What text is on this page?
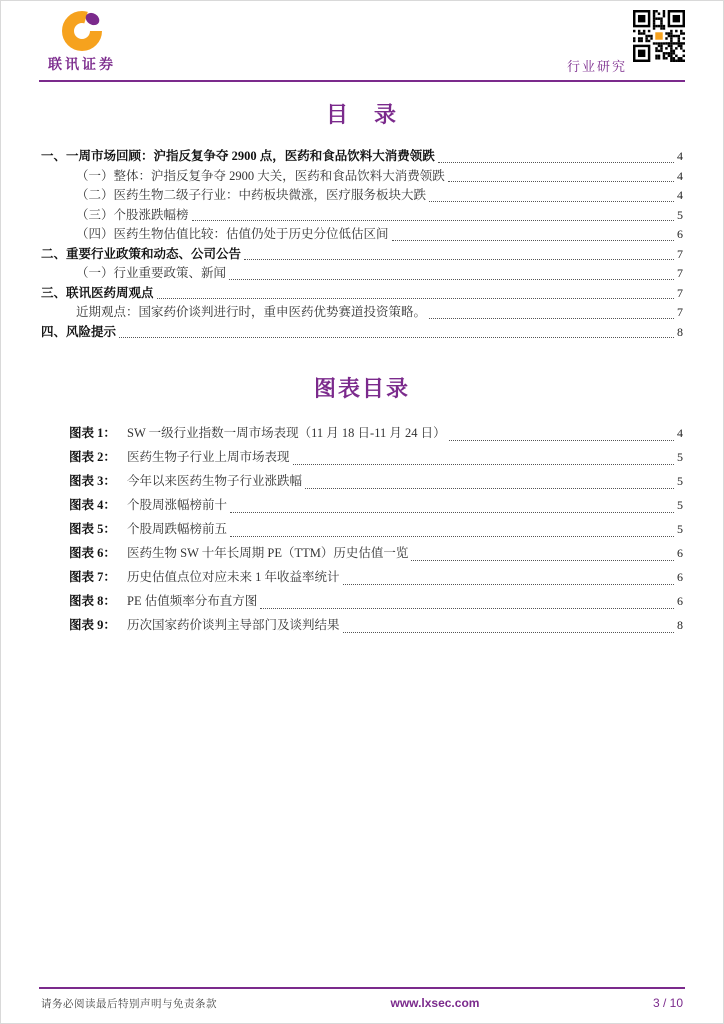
联讯证券	行业研究
目　录
一、一周市场回顾：沪指反复争夺 2900 点，医药和食品饮料大消费领跌	4
（一）整体：沪指反复争夺 2900 大关，医药和食品饮料大消费领跌	4
（二）医药生物二级子行业：中药板块微涨，医疗服务板块大跌	4
（三）个股涨跌幅榜	5
（四）医药生物估值比较：估值仍处于历史分位低估区间	6
二、重要行业政策和动态、公司公告	7
（一）行业重要政策、新闻	7
三、联讯医药周观点	7
近期观点：国家药价谈判进行时，重申医药优势赛道投资策略。	7
四、风险提示	8
图表目录
图表 1： SW 一级行业指数一周市场表现（11 月 18 日-11 月 24 日）	4
图表 2： 医药生物子行业上周市场表现	5
图表 3： 今年以来医药生物子行业涨跌幅	5
图表 4： 个股周涨幅榜前十	5
图表 5： 个股周跌幅榜前五	5
图表 6： 医药生物 SW 十年长周期 PE（TTM）历史估值一览	6
图表 7： 历史估值点位对应未来 1 年收益率统计	6
图表 8： PE 估值频率分布直方图	6
图表 9： 历次国家药价谈判主导部门及谈判结果	8
请务必阅读最后特别声明与免责条款	www.lxsec.com	3 / 10
